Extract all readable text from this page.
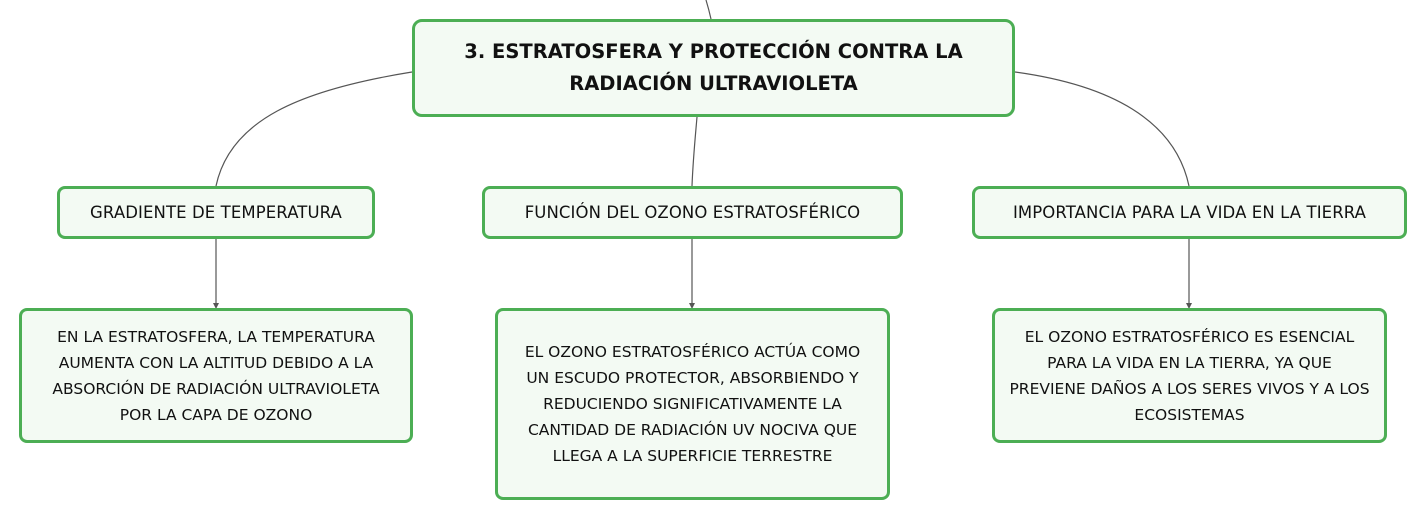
3. ESTRATOSFERA Y PROTECCIÓN CONTRA LA
RADIACIÓN ULTRAVIOLETA
GRADIENTE DE TEMPERATURA	FUNCIÓN DEL OZONO ESTRATOSFÉRICO	IMPORTANCIA PARA LA VIDA EN LA TIERRA
EN LA ESTRATOSFERA, LA TEMPERATURA
AUMENTA CON LA ALTITUD DEBIDO A LA
ABSORCIÓN DE RADIACIÓN ULTRAVIOLETA
POR LA CAPA DE OZONO
EL OZONO ESTRATOSFÉRICO ACTÚA COMO
UN ESCUDO PROTECTOR, ABSORBIENDO Y
REDUCIENDO SIGNIFICATIVAMENTE LA
CANTIDAD DE RADIACIÓN UV NOCIVA QUE
LLEGA A LA SUPERFICIE TERRESTRE
EL OZONO ESTRATOSFÉRICO ES ESENCIAL
PARA LA VIDA EN LA TIERRA, YA QUE
PREVIENE DAÑOS A LOS SERES VIVOS Y A LOS
ECOSISTEMAS
